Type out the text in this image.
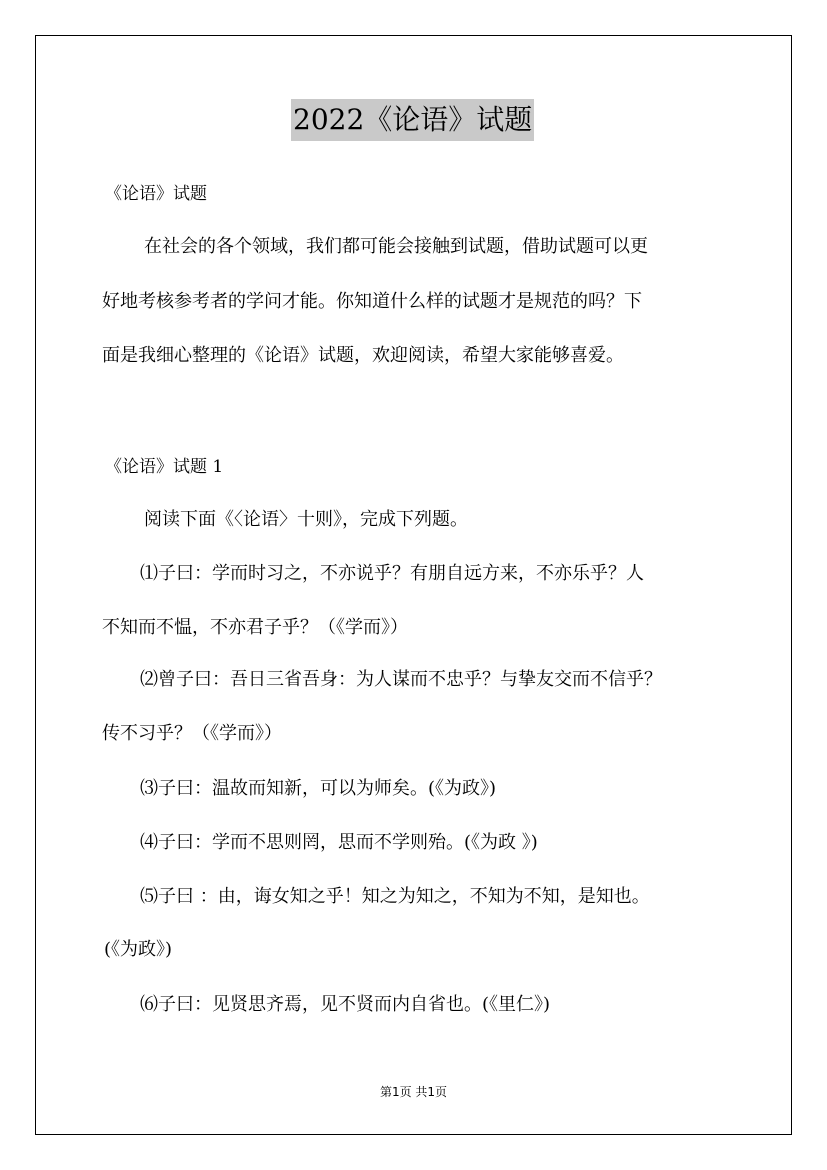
2022《论语》试题
《论语》试题
在社会的各个领域，我们都可能会接触到试题，借助试题可以更
好地考核参考者的学问才能。你知道什么样的试题才是规范的吗？下
面是我细心整理的《论语》试题，欢迎阅读，希望大家能够喜爱。
《论语》试题 1
阅读下面《〈论语〉十则》，完成下列题。
⑴子曰：学而时习之，不亦说乎？有朋自远方来，不亦乐乎？人
不知而不愠，不亦君子乎？（《学而》）
⑵曾子曰：吾日三省吾身：为人谋而不忠乎？与挚友交而不信乎？
传不习乎？（《学而》）
⑶子曰：温故而知新，可以为师矣。(《为政》)
⑷子曰：学而不思则罔，思而不学则殆。(《为政 》)
⑸子曰 ：由，诲女知之乎！知之为知之，不知为不知，是知也。
(《为政》)
⑹子曰：见贤思齐焉，见不贤而内自省也。(《里仁》)
第1页 共1页
